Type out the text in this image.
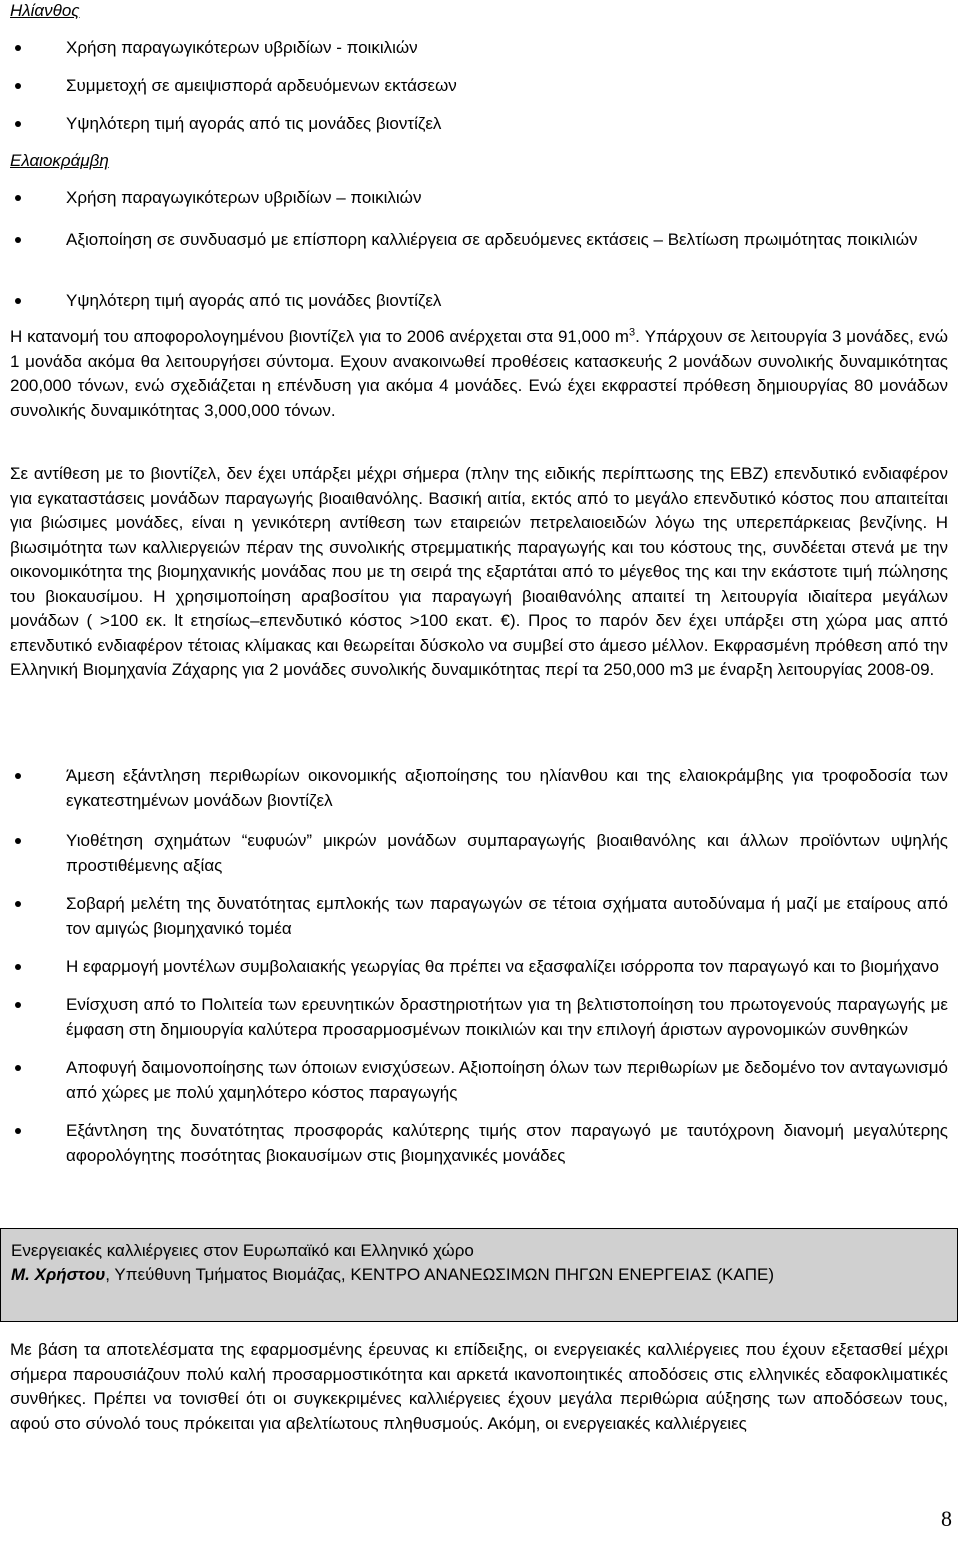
Ηλίανθος
Χρήση παραγωγικότερων υβριδίων - ποικιλιών
Συμμετοχή σε αμειψισπορά αρδευόμενων εκτάσεων
Υψηλότερη τιμή αγοράς από τις μονάδες βιοντίζελ
Ελαιοκράμβη
Χρήση παραγωγικότερων υβριδίων – ποικιλιών
Αξιοποίηση σε συνδυασμό με επίσπορη καλλιέργεια σε αρδευόμενες εκτάσεις – Βελτίωση πρωιμότητας ποικιλιών
Υψηλότερη τιμή αγοράς από τις μονάδες βιοντίζελ

Η κατανομή του αποφορολογημένου βιοντίζελ για το 2006 ανέρχεται στα 91,000 $m^3$. Υπάρχουν σε λειτουργία 3 μονάδες, ενώ 1 μονάδα ακόμα θα λειτουργήσει σύντομα. Εχουν ανακοινωθεί προθέσεις κατασκευής 2 μονάδων συνολικής δυναμικότητας 200,000 τόνων, ενώ σχεδιάζεται η επένδυση για ακόμα 4 μονάδες. Ενώ έχει εκφραστεί πρόθεση δημιουργίας 80 μονάδων συνολικής δυναμικότητας 3,000,000 τόνων.

Σε αντίθεση με το βιοντίζελ, δεν έχει υπάρξει μέχρι σήμερα (πλην της ειδικής περίπτωσης της ΕΒΖ) επενδυτικό ενδιαφέρον για εγκαταστάσεις μονάδων παραγωγής βιοαιθανόλης. Βασική αιτία, εκτός από το μεγάλο επενδυτικό κόστος που απαιτείται για βιώσιμες μονάδες, είναι η γενικότερη αντίθεση των εταιρειών πετρελαιοειδών λόγω της υπερεπάρκειας βενζίνης. Η βιωσιμότητα των καλλιεργειών πέραν της συνολικής στρεμματικής παραγωγής και του κόστους της, συνδέεται στενά με την οικονομικότητα της βιομηχανικής μονάδας που με τη σειρά της εξαρτάται από το μέγεθος της και την εκάστοτε τιμή πώλησης του βιοκαυσίμου. Η χρησιμοποίηση αραβοσίτου για παραγωγή βιοαιθανόλης απαιτεί τη λειτουργία ιδιαίτερα μεγάλων μονάδων ( >100 εκ. lt ετησίως–επενδυτικό κόστος >100 εκατ. €). Προς το παρόν δεν έχει υπάρξει στη χώρα μας απτό επενδυτικό ενδιαφέρον τέτοιας κλίμακας και θεωρείται δύσκολο να συμβεί στο άμεσο μέλλον. Εκφρασμένη πρόθεση από την Ελληνική Βιομηχανία Ζάχαρης για 2 μονάδες συνολικής δυναμικότητας περί τα 250,000 m3 με έναρξη λειτουργίας 2008-09.

Άμεση εξάντληση περιθωρίων οικονομικής αξιοποίησης του ηλίανθου και της ελαιοκράμβης για τροφοδοσία των εγκατεστημένων μονάδων βιοντίζελ
Υιοθέτηση σχημάτων “ευφυών” μικρών μονάδων συμπαραγωγής βιοαιθανόλης και άλλων προϊόντων υψηλής προστιθέμενης αξίας
Σοβαρή μελέτη της δυνατότητας εμπλοκής των παραγωγών σε τέτοια σχήματα αυτοδύναμα ή μαζί με εταίρους από τον αμιγώς βιομηχανικό τομέα
Η εφαρμογή μοντέλων συμβολαιακής γεωργίας θα πρέπει να εξασφαλίζει ισόρροπα τον παραγωγό και το βιομήχανο
Ενίσχυση από το Πολιτεία των ερευνητικών δραστηριοτήτων για τη βελτιστοποίηση του πρωτογενούς παραγωγής με έμφαση στη δημιουργία καλύτερα προσαρμοσμένων ποικιλιών και την επιλογή άριστων αγρονομικών συνθηκών
Αποφυγή δαιμονοποίησης των όποιων ενισχύσεων. Αξιοποίηση όλων των περιθωρίων με δεδομένο τον ανταγωνισμό από χώρες με πολύ χαμηλότερο κόστος παραγωγής
Εξάντληση της δυνατότητας προσφοράς καλύτερης τιμής στον παραγωγό με ταυτόχρονη διανομή μεγαλύτερης αφορολόγητης ποσότητας βιοκαυσίμων στις βιομηχανικές μονάδες

Με βάση τα αποτελέσματα της εφαρμοσμένης έρευνας κι επίδειξης, οι ενεργειακές καλλιέργειες που έχουν εξετασθεί μέχρι σήμερα παρουσιάζουν πολύ καλή προσαρμοστικότητα και αρκετά ικανοποιητικές αποδόσεις στις ελληνικές εδαφοκλιματικές συνθήκες. Πρέπει να τονισθεί ότι οι συγκεκριμένες καλλιέργειες έχουν μεγάλα περιθώρια αύξησης των αποδόσεων τους, αφού στο σύνολό τους πρόκειται για αβελτίωτους πληθυσμούς. Ακόμη, οι ενεργειακές καλλιέργειες

Ενεργειακές καλλιέργειες στον Ευρωπαϊκό και Ελληνικό χώρο
Μ. Χρήστου, Υπεύθυνη Τμήματος Βιομάζας, ΚΕΝΤΡΟ ΑΝΑΝΕΩΣΙΜΩΝ ΠΗΓΩΝ ΕΝΕΡΓΕΙΑΣ (ΚΑΠΕ)
8
